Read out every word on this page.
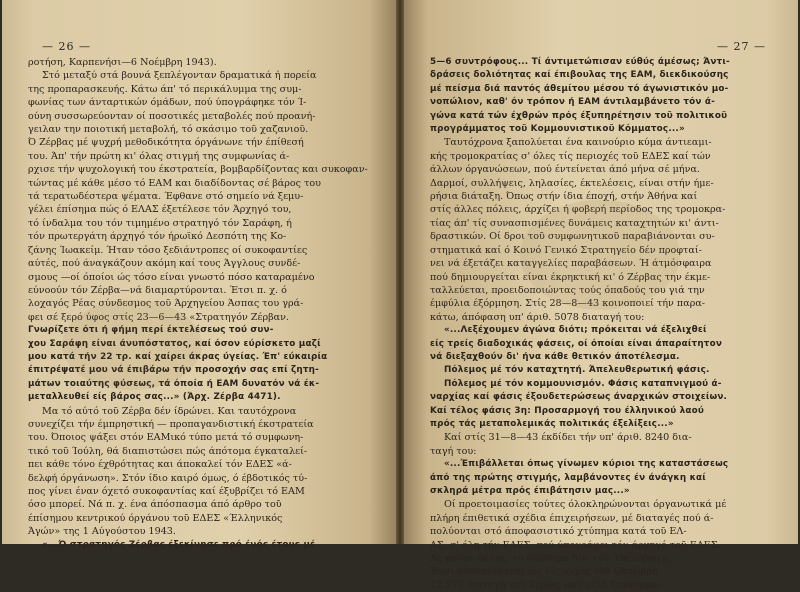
— 26 —
ροτήση, Καρπενήσι—6 Νοέμβρη 1943).
Στό μεταξύ στά βουνά ξεπλέγονταν δραματικά ή πορεία
της προπαρασκευής. Κάτω άπ' τό περικάλυμμα της συμ-
φωνίας των άνταρτικών όμάδων, πού ύπογράφηκε τόν Ί-
ούνη συσσωρεύονταν οί ποσοτικές μεταβολές πού προανή-
γειλαν την ποιοτική μεταβολή, τό σκάσιμο τοῦ χαζανιοῦ.
Ό Ζέρβας μέ ψυχρή μεθοδικότητα όργάνωνε τήν έπίθεσή
του. Άπ' τήν πρώτη κι' όλας στιγμή της συμφωνίας ά-
ρχισε τήν ψυχολογική του έκστρατεία, βομβαρδίζοντας και συκοφαν-
τώντας μέ κάθε μέσο τό ΕΑΜ και διαδίδοντας σέ βάρος του
τά τερατωδέστερα ψέματα. Έφθανε στό σημείο νά ξεμυ-
γέλει έπίσημα πώς ό ΕΛΑΣ έξετέλεσε τόν Άρχηγό του,
τό ίνδαλμα του τόν τιμημένο στρατηγό τόν Σαράφη, ή
τόν πρωτεργάτη άρχηγό τόν ήρωϊκό Δεσπότη της Κο-
ζάνης Ίωακείμ. Ήταν τόσο ξεδιάντροπες οί συκοφαντίες
αύτές, πού άναγκάζουν ακόμη καί τους Άγγλους συνδέ-
σμους —οί όποίοι ώς τόσο είναι γνωστό πόσο καταραμένο
εύνοούν τόν Ζέρβα—νά διαμαρτύρονται. Έτσι π. χ. ό
λοχαγός Ρέας σύνδεσμος τοῦ Άρχηγείου Άσπας του γρά-
φει σέ ξερό ύφος στίς 23—6—43 «Στρατηγόν Ζέρβαν.
Γνωρίζετε ότι ή φήμη περί έκτελέσεως τού συν-
χου Σαράφη είναι άνυπόστατος, καί όσον εύρίσκετο μαζί
μου κατά τήν 22 τρ. καί χαίρει άκρας ύγείας. Έπ' εύκαιρία
έπιτρέψατέ μου νά έπιβάρω τήν προσοχήν σας επί ζητη-
μάτων τοιαύτης φύσεως, τά όποία ή ΕΑΜ δυνατόν νά έκ-
μεταλλευθεί είς βάρος σας...» (Άρχ. Ζέρβα 4471).
Μα τό αύτό τοῦ Ζέρβα δέν ίδρώνει. Και ταυτόχρονα
συνεχίζει τήν έμπρηστική — προπαγανδιστική έκστρατεία
του. Όποιος ψάξει στόν ΕΑΜικό τύπο μετά τό συμφωνη-
τικό τοῦ Ίούλη, θά διαπιστώσει πώς άπότομα έγκαταλεί-
πει κάθε τόνο έχθρότητας και άποκαλεί τόν ΕΔΕΣ «ά-
δελφή όργάνωση». Στόν ίδιο καιρό όμως, ό έβδοτικός τύ-
πος γίνει έναν όχετό συκοφαντίας καί έξυβρίζει τό ΕΑΜ
όσο μπορεί. Νά π. χ. ένα άπόσπασμα άπό άρθρο τοῦ
έπίσημου κεντρικού όργάνου τοῦ ΕΔΕΣ «Έλληνικός
Άγών» της 1 Αύγούστου 1943.
«...Ό στρατηγός Ζέρβας έξεκίνησε πρό ένός έτους μέ
— 27 —
5—6 συντρόφους... Τί άντιμετώπισαν εύθύς άμέσως; Άντι-
δράσεις δολιότητας καί έπιβουλας της ΕΑΜ, διεκδικούσης
μέ πείσμα διά παντός άθεμίτου μέσου τό άγωνιστικόν μο-
νοπώλιον, καθ' όν τρόπον ή ΕΑΜ άντιλαμβάνετο τόν ά-
γώνα κατά τών έχθρών πρός έξυπηρέτησιν τοῦ πολιτικοῦ
προγράμματος τοῦ Κομμουνιστικοῦ Κόμματος...»
Ταυτόχρονα ξαπολύεται ένα καινούριο κύμα άντιεαμι-
κής τρομοκρατίας σ' όλες τίς περιοχές τοῦ ΕΔΕΣ καί τών
άλλων όργανώσεων, πού έντείνεται άπό μήνα σέ μήνα.
Δαρμοί, συλλήψεις, ληλασίες, έκτελέσεις, είναι στήν ήμε-
ρήσια διάταξη. Όπως στήν ίδια έποχή, στήν Άθήνα καί
στίς άλλες πόλεις, άρχίζει ή φοβερή περίοδος της τρομοκρα-
τίας άπ' τίς συνασπισμένες δυνάμεις καταχτητών κι' άντι-
δραστικών. Οί δροι τοῦ συμφωνητικοῦ παραβιάνονται συ-
στηματικά καί ό Κοινό Γενικό Στρατηγείο δέν προφταί-
νει νά έξετάζει καταγγελίες παραβάσεων. Ή άτμόσφαιρα
πού δημιουργείται είναι έκρηκτική κι' ό Ζέρβας την έκμε-
ταλλεύεται, προειδοποιώντας τούς όπαδούς του γιά την
έμφύλια έξόρμηση. Στίς 28—8—43 κοινοποιεί τήν παρα-
κάτω, άπόφαση υπ' άριθ. 5078 διαταγή του:
«...Λεξέχουμεν άγώνα διότι; πρόκειται νά έξελιχθεί
είς τρείς διαδοχικάς φάσεις, οί όποίαι είναι άπαραίτητον
νά διεξαχθούν δι' ήνα κάθε θετικόν άποτέλεσμα.
Πόλεμος μέ τόν καταχτητή. Άπελευθερωτική φάσις.
Πόλεμος μέ τόν κομμουνισμόν. Φάσις καταπνιγμού ά-
ναρχίας καί φάσις έξουδετερώσεως άναρχικών στοιχείων.
Καί τέλος φάσις 3η: Προσαρμογή του έλληνικού λαού
πρός τάς μεταπολεμικάς πολιτικάς έξελίξεις...»
Καί στίς 31—8—43 έκδίδει τήν υπ' άριθ. 8240 δια-
ταγή του:
«...Έπιβάλλεται όπως γίνωμεν κύριοι της καταστάσεως
άπό της πρώτης στιγμής, λαμβάνοντες έν άνάγκη καί
σκληρά μέτρα πρός έπιβάτησιν μας...»
Οί προετοιμασίες τούτες όλοκληρώνονται όργανωτικά μέ
πλήρη έπιθετικά σχέδια έπιχειρήσεων, μέ διαταγές πού ά-
πολύονται στό άποφασιστικό χτύπημα κατά τοῦ ΕΛ-
ΑΣ, σ' όλη τήν ΕΔΕΣ, πού ύπογράφει τόν άρχηγό τοῦ ΕΔΕΣ.
Ας πούμε δόλης, το σύνθημα δίν' τόν 'Οκτώβρη ή
Έτσι συνταίσσεται είς τίς άρχές τοῦ Όκτώβρη
12.273 διαταγή τοῦ Ζέρβα, πού μιλά ξεκάθαρα:
